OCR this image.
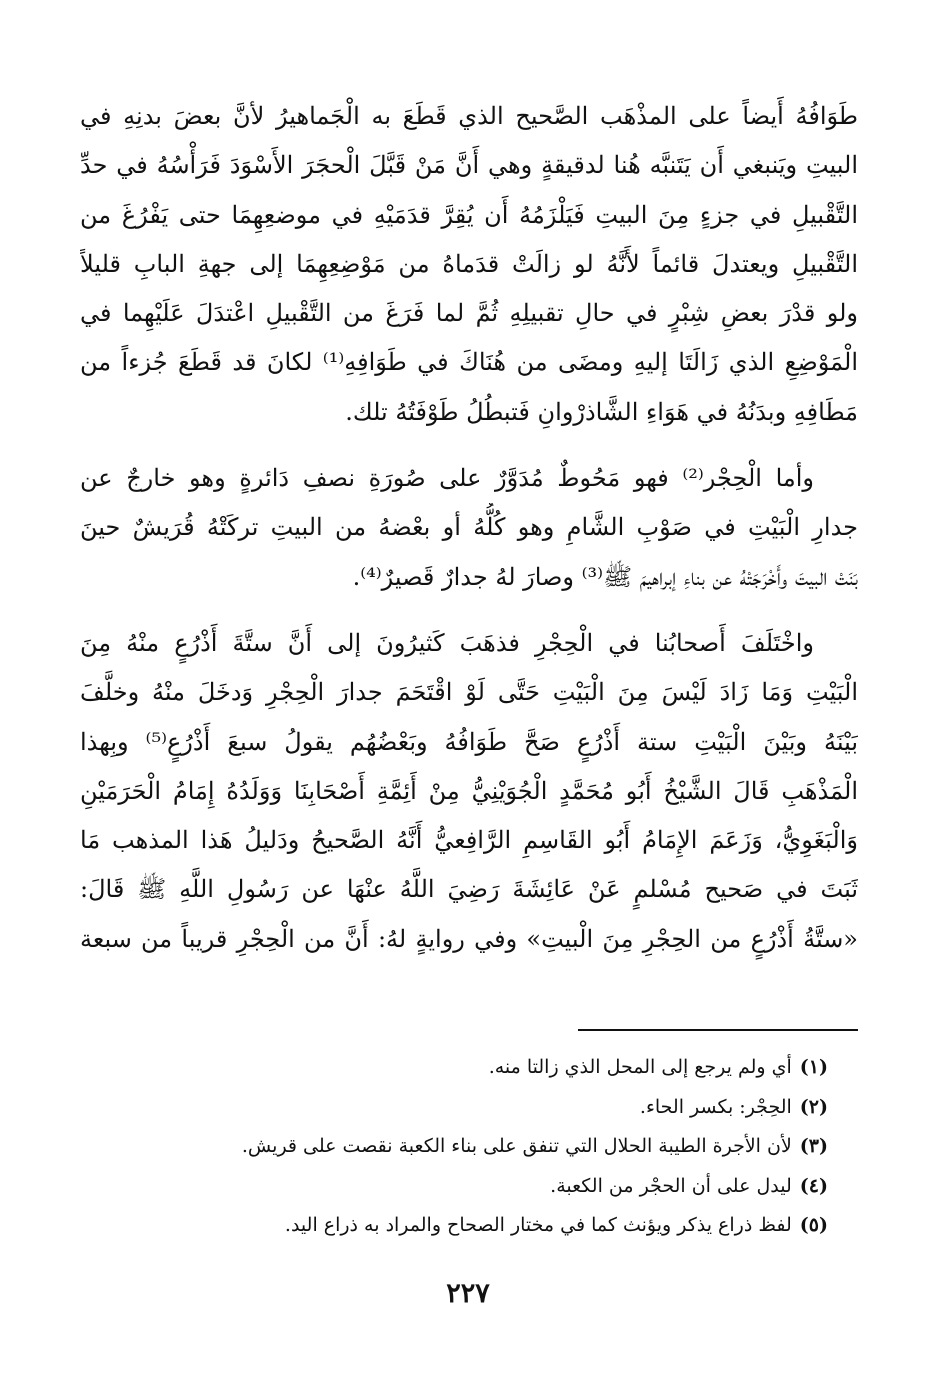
طَوَافُهُ أَيضاً على المذْهَب الصَّحيح الذي قَطَعَ به الْجَماهيرُ لأنَّ بعضَ بدنِهِ في
البيتِ ويَنبغي أَن يَتَنبَّه هُنا لدقيقةٍ وهي أَنَّ مَنْ قَبَّلَ الْحجَرَ الأَسْوَدَ فَرَأْسُهُ في حدِّ
التَّقْبيلِ في جزءٍ مِنَ البيتِ فَيَلْزَمُهُ أَن يُقِرَّ قدَمَيْهِ في موضعِهِمَا حتى يَفْرُغَ من
التَّقْبيلِ ويعتدلَ قائماً لأَنَّهُ لو زالَتْ قدَماهُ من مَوْضِعِهِمَا إلى جهةِ البابِ قليلاً
ولو قدْرَ بعضِ شِبْرٍ في حالِ تقبيلِهِ ثُمَّ لما فَرَغَ من التَّقْبيلِ اعْتدَلَ عَلَيْهِما في
الْمَوْضِعِ الذي زَالَتَا إليهِ ومضَى من هُنَاكَ في طَوَافِهِ⁽¹⁾ لكانَ قد قَطَعَ جُزءاً من
مَطَافِهِ وبدَنُهُ في هَوَاءِ الشَّاذرْوانِ فَتبطُلُ طَوْفَتُهُ تلك.

وأما الْحِجْر⁽²⁾ فهو مَحُوطٌ مُدَوَّرٌ على صُورَةِ نصفِ دَائرةٍ وهو خارجٌ عن
جدارِ الْبَيْتِ في صَوْبِ الشَّامِ وهو كُلُّهُ أو بعْضهُ من البيتِ تركَتْهُ قُرَيشٌ حينَ
بَنَتْ البيتَ وأَخْرَجَتْهُ عن بناءِ إبراهيمَ ﷺ⁽³⁾ وصارَ لهُ جدارٌ قَصيرٌ⁽⁴⁾.

واخْتَلَفَ أَصحابُنا في الْحِجْرِ فذهَبَ كَثيرُونَ إلى أَنَّ ستَّةَ أَذْرُعٍ منْهُ مِنَ
الْبَيْتِ وَمَا زَادَ لَيْسَ مِنَ الْبَيْتِ حَتَّى لَوْ اقْتَحَمَ جدارَ الْحِجْرِ وَدخَلَ منْهُ وخلَّفَ
بَيْنَهُ وبَيْنَ الْبَيْتِ ستة أَذْرُعٍ صَحَّ طَوَافُهُ وبَعْضُهُم يقولُ سبعَ أَذْرُعٍ⁽⁵⁾ وبِهذا
الْمَذْهَبِ قَالَ الشَّيْخُ أَبُو مُحَمَّدٍ الْجُوَيْنِيُّ مِنْ أَئِمَّةِ أَصْحَابِنَا وَوَلَدُهُ إِمَامُ الْحَرَمَيْنِ
وَالْبَغَوِيُّ، وَزَعَمَ الإِمَامُ أَبُو القَاسِمِ الرَّافِعيُّ أَنَّهُ الصَّحيحُ ودَليلُ هَذا المذهب مَا
ثَبَتَ في صَحيح مُسْلمٍ عَنْ عَائِشَةَ رَضِيَ اللَّهُ عنْهَا عن رَسُولِ اللَّهِ ﷺ قَالَ:
«ستَّةُ أَذْرُعٍ من الحِجْرِ مِنَ الْبيتِ» وفي روايةٍ لهُ: أَنَّ من الْحِجْرِ قريباً من سبعة

(١)أي ولم يرجع إلى المحل الذي زالتا منه.
(٢)الحِجْر: بكسر الحاء.
(٣)لأن الأجرة الطيبة الحلال التي تنفق على بناء الكعبة نقصت على قريش.
(٤)ليدل على أن الحجْر من الكعبة.
(٥)لفظ ذراع يذكر ويؤنث كما في مختار الصحاح والمراد به ذراع اليد.
٢٢٧
